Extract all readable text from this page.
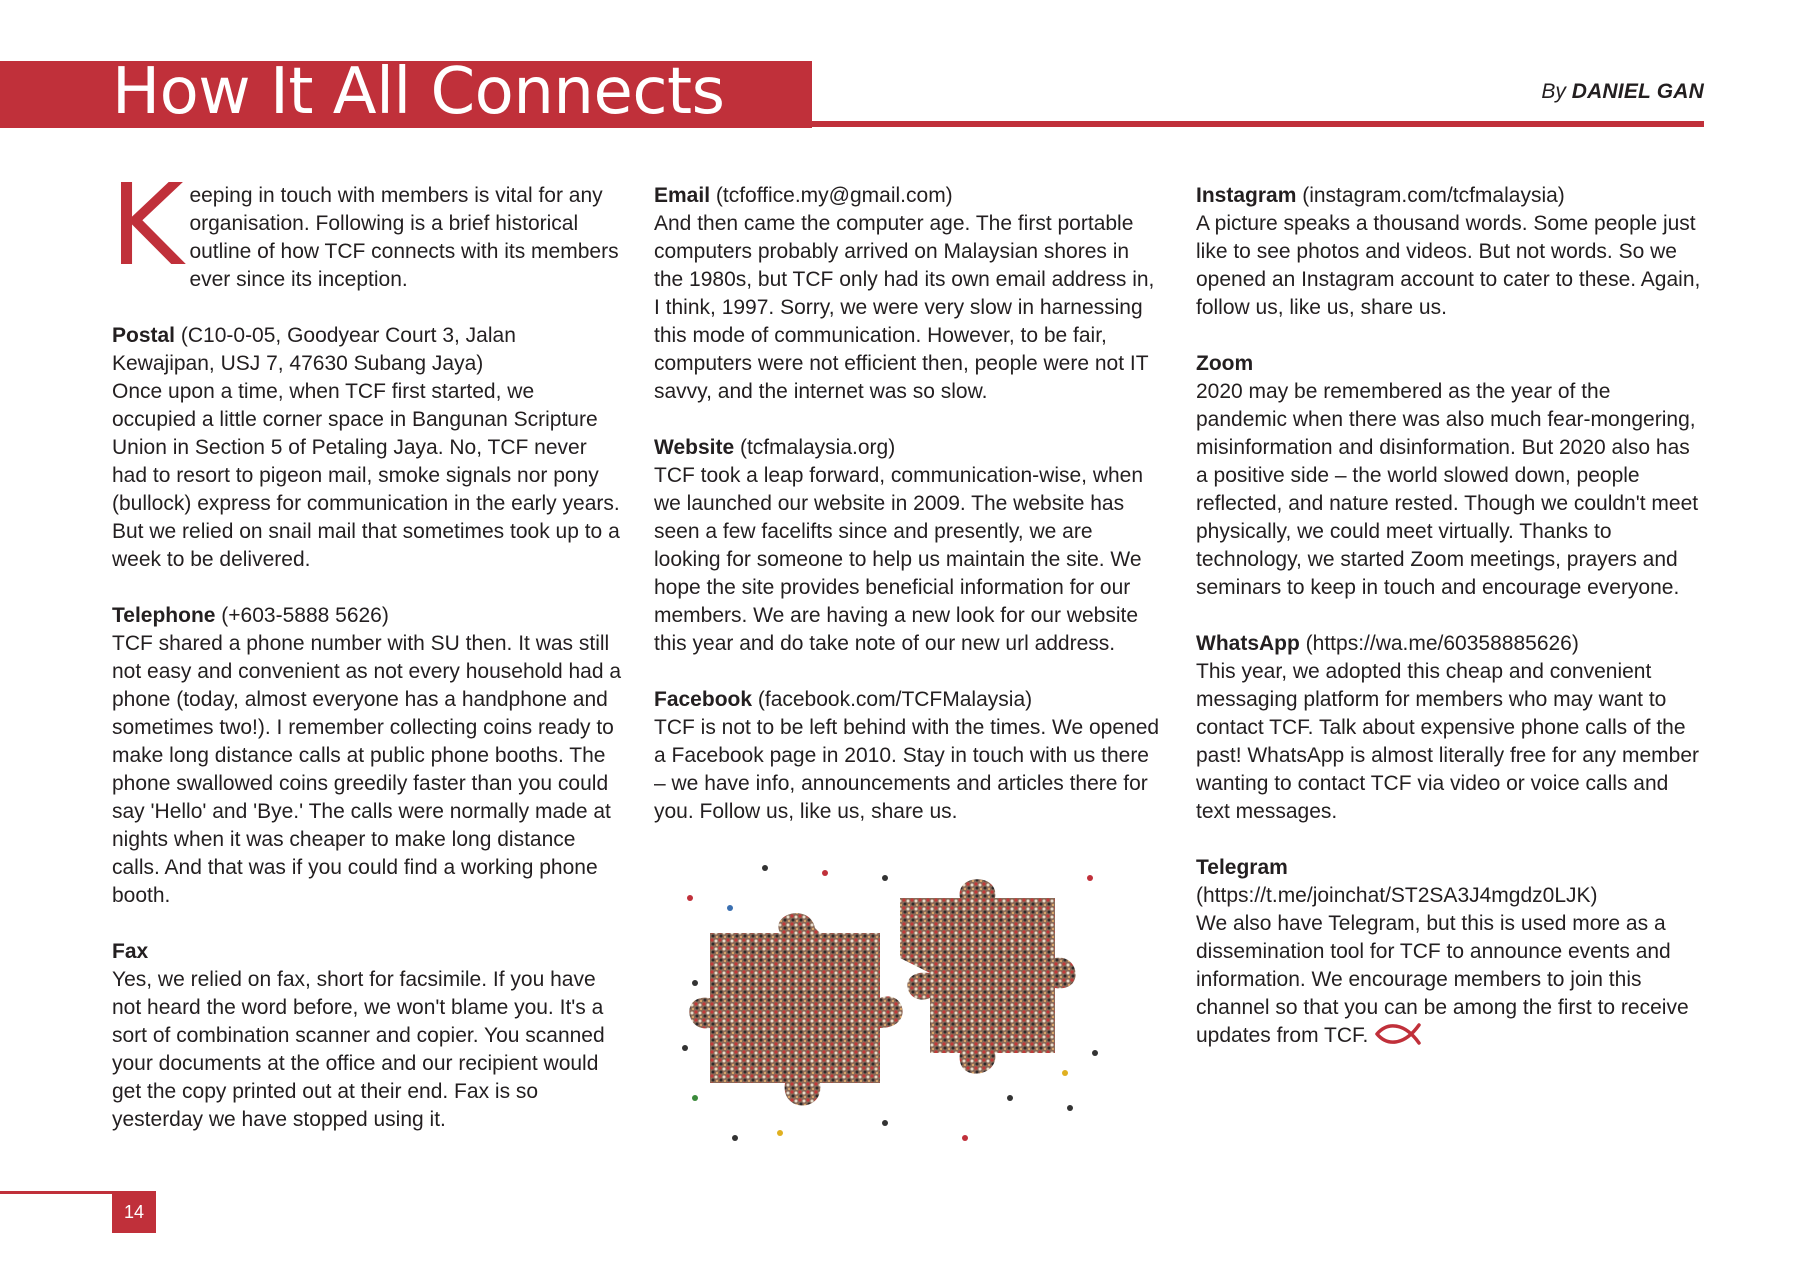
How It All Connects	By DANIEL GAN

Keeping in touch with members is vital for any organisation. Following is a brief historical outline of how TCF connects with its members ever since its inception.

Postal (C10-0-05, Goodyear Court 3, Jalan Kewajipan, USJ 7, 47630 Subang Jaya)
Once upon a time, when TCF first started, we occupied a little corner space in Bangunan Scripture Union in Section 5 of Petaling Jaya. No, TCF never had to resort to pigeon mail, smoke signals nor pony (bullock) express for communication in the early years. But we relied on snail mail that sometimes took up to a week to be delivered.

Telephone (+603-5888 5626)
TCF shared a phone number with SU then. It was still not easy and convenient as not every household had a phone (today, almost everyone has a handphone and sometimes two!). I remember collecting coins ready to make long distance calls at public phone booths. The phone swallowed coins greedily faster than you could say 'Hello' and 'Bye.' The calls were normally made at nights when it was cheaper to make long distance calls. And that was if you could find a working phone booth.

Fax
Yes, we relied on fax, short for facsimile. If you have not heard the word before, we won't blame you. It's a sort of combination scanner and copier. You scanned your documents at the office and our recipient would get the copy printed out at their end. Fax is so yesterday we have stopped using it.

Email (tcfoffice.my@gmail.com)
And then came the computer age. The first portable computers probably arrived on Malaysian shores in the 1980s, but TCF only had its own email address in, I think, 1997. Sorry, we were very slow in harnessing this mode of communication. However, to be fair, computers were not efficient then, people were not IT savvy, and the internet was so slow.

Website (tcfmalaysia.org)
TCF took a leap forward, communication-wise, when we launched our website in 2009. The website has seen a few facelifts since and presently, we are looking for someone to help us maintain the site. We hope the site provides beneficial information for our members. We are having a new look for our website this year and do take note of our new url address.

Facebook (facebook.com/TCFMalaysia)
TCF is not to be left behind with the times. We opened a Facebook page in 2010. Stay in touch with us there – we have info, announcements and articles there for you. Follow us, like us, share us.

Instagram (instagram.com/tcfmalaysia)
A picture speaks a thousand words. Some people just like to see photos and videos. But not words. So we opened an Instagram account to cater to these. Again, follow us, like us, share us.

Zoom
2020 may be remembered as the year of the pandemic when there was also much fear-mongering, misinformation and disinformation. But 2020 also has a positive side – the world slowed down, people reflected, and nature rested. Though we couldn't meet physically, we could meet virtually. Thanks to technology, we started Zoom meetings, prayers and seminars to keep in touch and encourage everyone.

WhatsApp (https://wa.me/60358885626)
This year, we adopted this cheap and convenient messaging platform for members who may want to contact TCF. Talk about expensive phone calls of the past! WhatsApp is almost literally free for any member wanting to contact TCF via video or voice calls and text messages.

Telegram
(https://t.me/joinchat/ST2SA3J4mgdz0LJK)
We also have Telegram, but this is used more as a dissemination tool for TCF to announce events and information. We encourage members to join this channel so that you can be among the first to receive updates from TCF.

14
